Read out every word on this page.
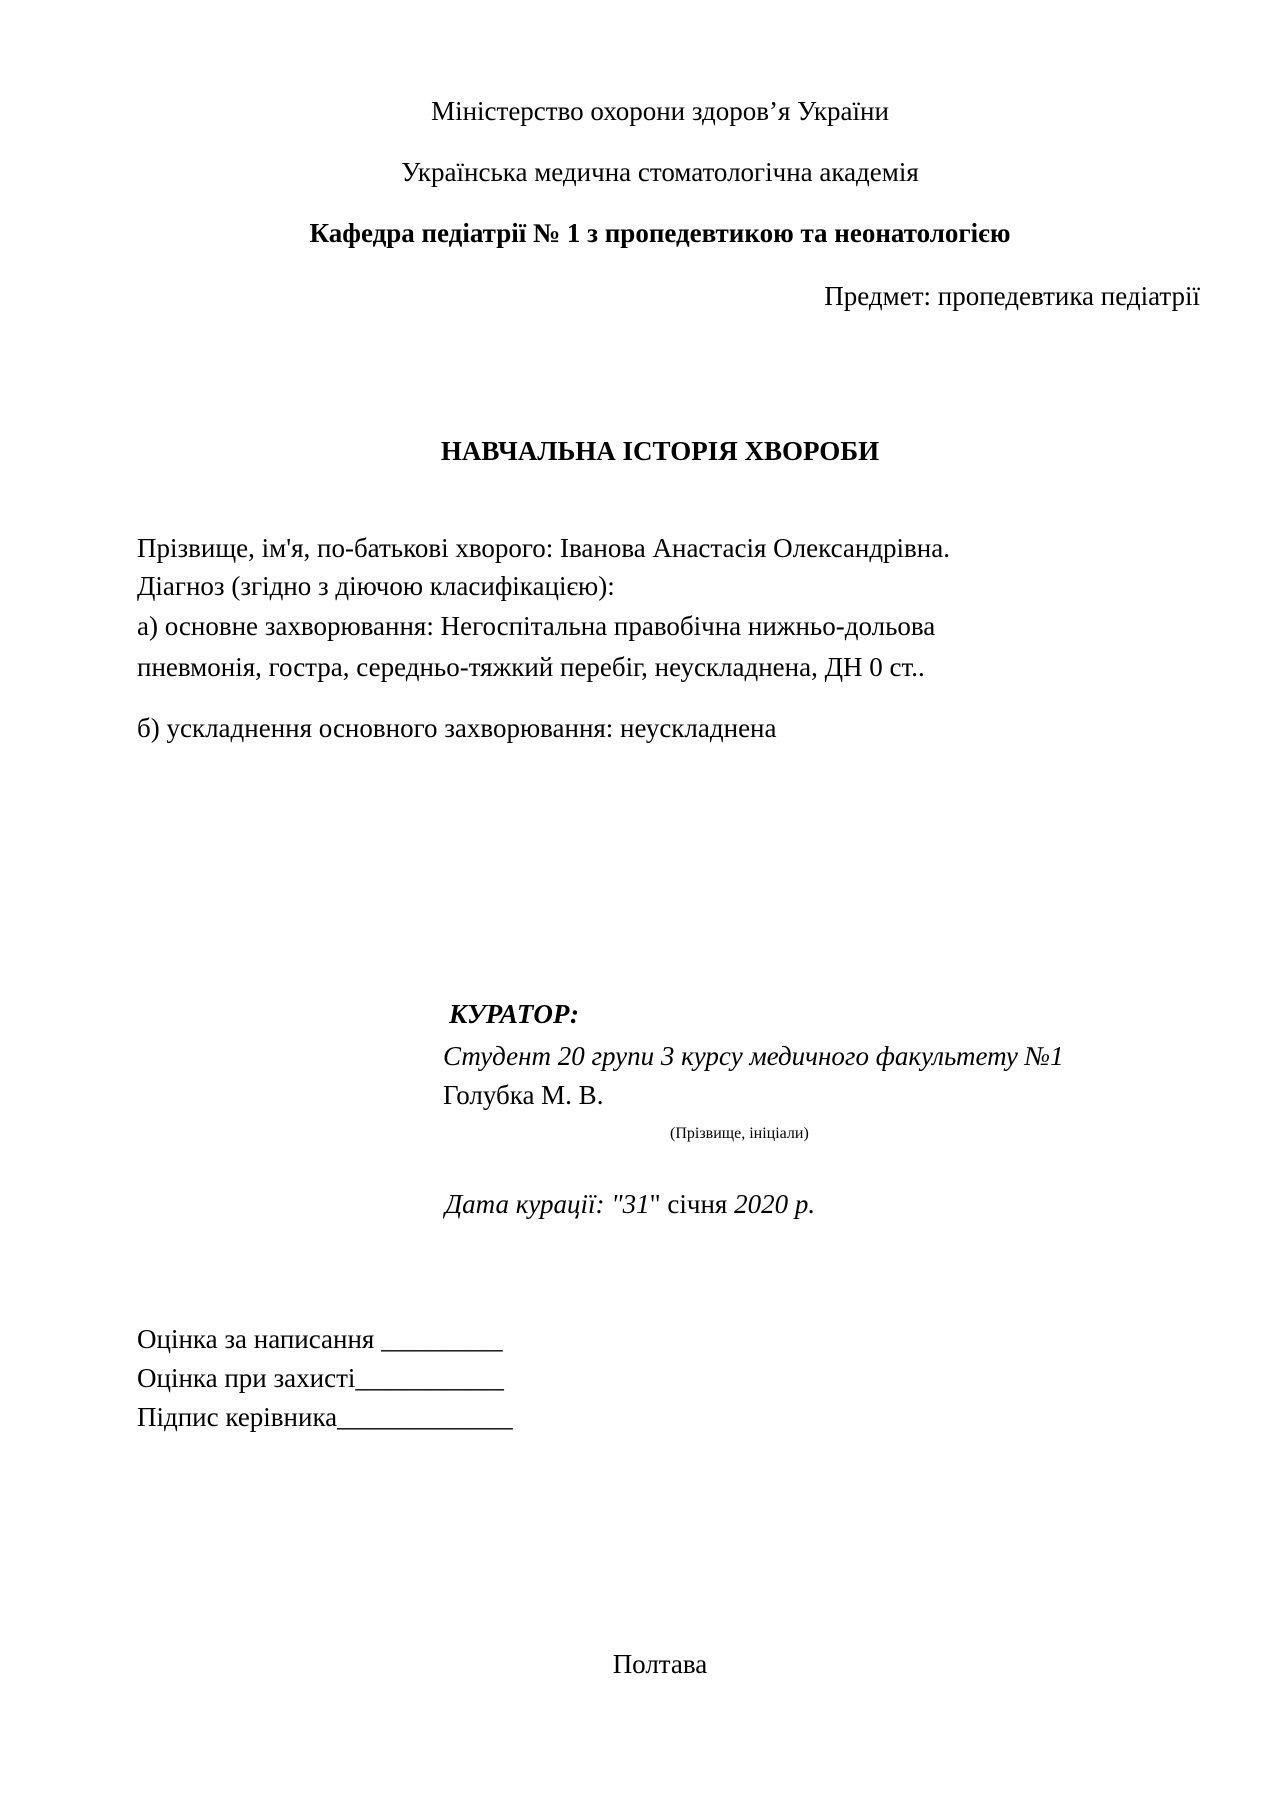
Міністерство охорони здоров’я України
Українська медична стоматологічна академія
Кафедра педіатрії № 1 з пропедевтикою та неонатологією
Предмет: пропедевтика педіатрії
НАВЧАЛЬНА ІСТОРІЯ ХВОРОБИ
Прізвище, ім'я, по-батькові хворого: Іванова Анастасія Олександрівна.
Діагноз (згідно з діючою класифікацією):
а) основне захворювання: Негоспітальна правобічна нижньо-дольова
пневмонія, гостра, середньо-тяжкий перебіг, неускладнена, ДН 0 ст..
б) ускладнення основного захворювання: неускладнена
КУРАТОР:
Студент 20 групи 3 курсу медичного факультету №1
Голубка М. В.
(Прізвище, ініціали)
Дата курації: "31" січня 2020 р.
Оцінка за написання _________
Оцінка при захисті___________
Підпис керівника_____________
Полтава
